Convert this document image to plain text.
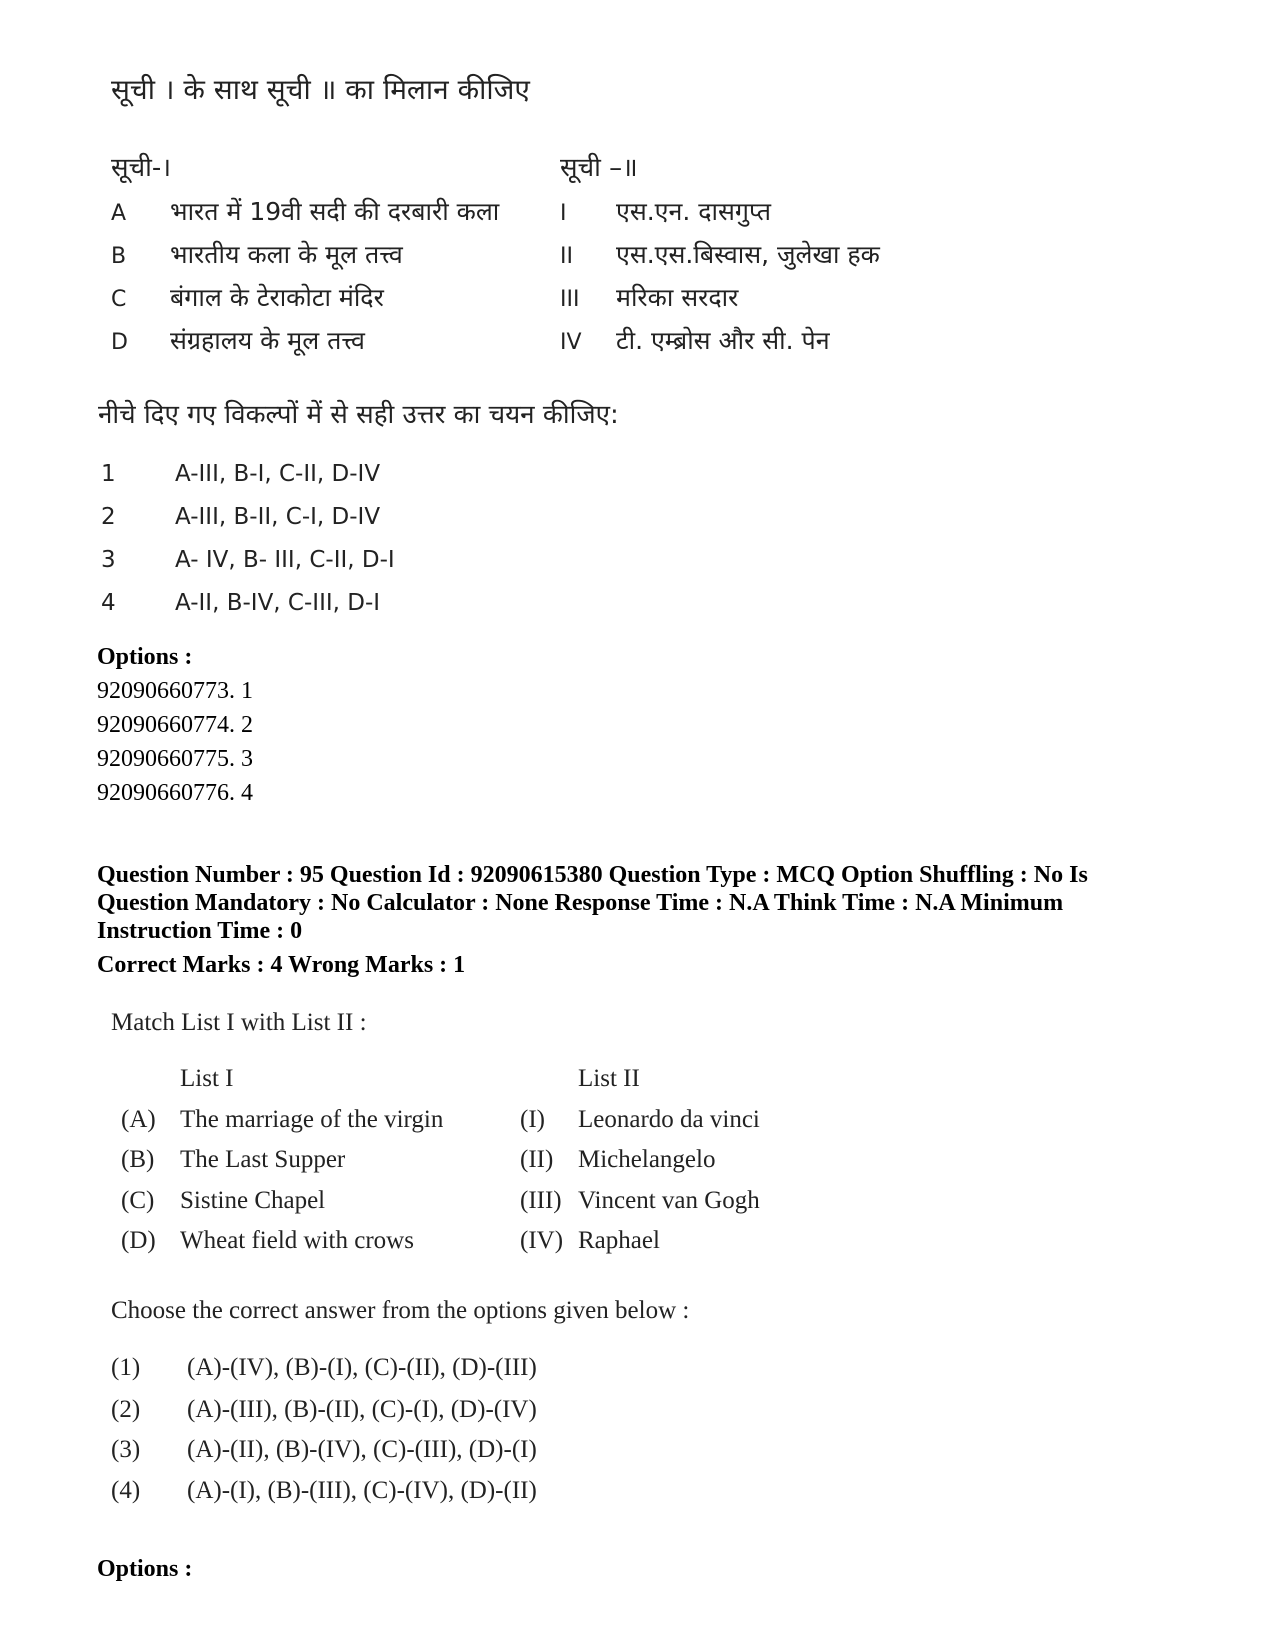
सूची । के साथ सूची ॥ का मिलान कीजिए
सूची-।	सूची –॥
A भारत में 19वी सदी की दरबारी कला	I एस.एन. दासगुप्त
B भारतीय कला के मूल तत्त्व	II एस.एस.बिस्वास, जुलेखा हक
C बंगाल के टेराकोटा मंदिर	III मरिका सरदार
D संग्रहालय के मूल तत्त्व	IV टी. एम्ब्रोस और सी. पेन
नीचे दिए गए विकल्पों में से सही उत्तर का चयन कीजिए:
1	A-III, B-I, C-II, D-IV
2	A-III, B-II, C-I, D-IV
3	A- IV, B- III, C-II, D-I
4	A-II, B-IV, C-III, D-I
Options :
92090660773. 1
92090660774. 2
92090660775. 3
92090660776. 4
Question Number : 95 Question Id : 92090615380 Question Type : MCQ Option Shuffling : No Is
Question Mandatory : No Calculator : None Response Time : N.A Think Time : N.A Minimum
Instruction Time : 0
Correct Marks : 4 Wrong Marks : 1
Match List I with List II :
List I	List II
(A) The marriage of the virgin	(I) Leonardo da vinci
(B) The Last Supper	(II) Michelangelo
(C) Sistine Chapel	(III) Vincent van Gogh
(D) Wheat field with crows	(IV) Raphael
Choose the correct answer from the options given below :
(1) (A)-(IV), (B)-(I), (C)-(II), (D)-(III)
(2) (A)-(III), (B)-(II), (C)-(I), (D)-(IV)
(3) (A)-(II), (B)-(IV), (C)-(III), (D)-(I)
(4) (A)-(I), (B)-(III), (C)-(IV), (D)-(II)
Options :
